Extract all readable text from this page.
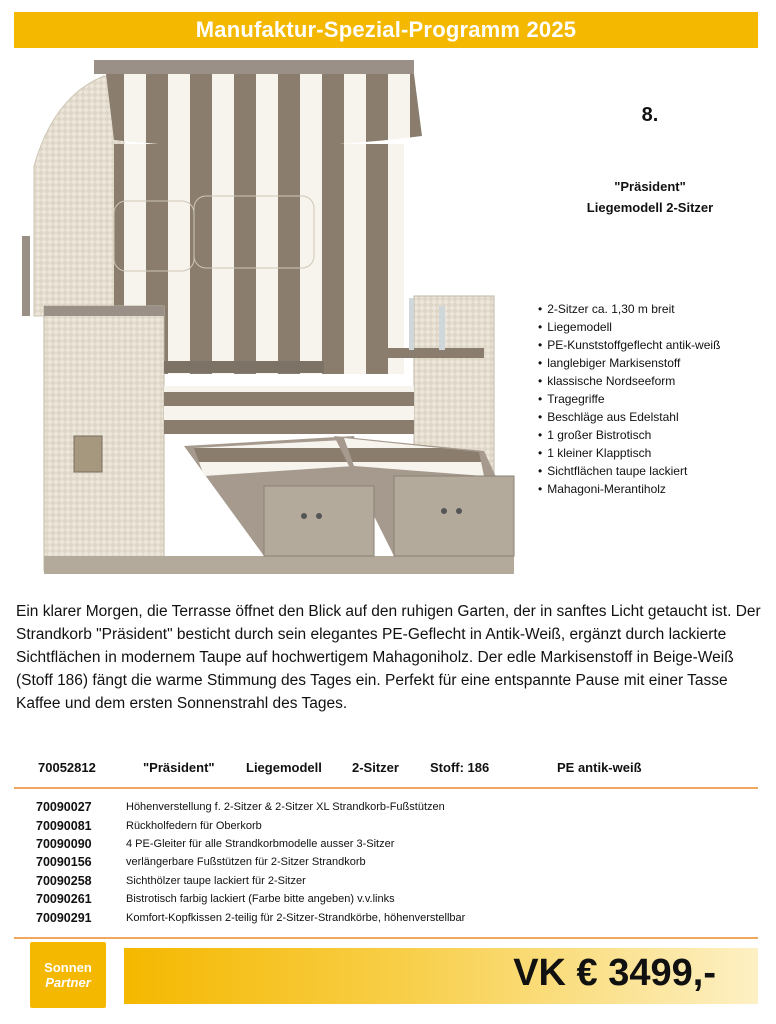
Manufaktur-Spezial-Programm 2025
8.
"Präsident"
Liegemodell 2-Sitzer
• 2-Sitzer ca. 1,30 m breit
• Liegemodell
• PE-Kunststoffgeflecht antik-weiß
• langlebiger Markisenstoff
• klassische Nordseeform
• Tragegriffe
• Beschläge aus Edelstahl
• 1 großer Bistrotisch
• 1 kleiner Klapptisch
• Sichtflächen taupe lackiert
• Mahagoni-Merantiholz
Ein klarer Morgen, die Terrasse öffnet den Blick auf den ruhigen Garten, der in sanftes Licht getaucht ist. Der Strandkorb "Präsident" besticht durch sein elegantes PE-Geflecht in Antik-Weiß, ergänzt durch lackierte Sichtflächen in modernem Taupe auf hochwertigem Mahagoniholz. Der edle Markisenstoff in Beige-Weiß (Stoff 186) fängt die warme Stimmung des Tages ein. Perfekt für eine entspannte Pause mit einer Tasse Kaffee und dem ersten Sonnenstrahl des Tages.
70052812	"Präsident" Liegemodell 2-Sitzer Stoff: 186	PE antik-weiß
70090027	Höhenverstellung f. 2-Sitzer & 2-Sitzer XL Strandkorb-Fußstützen
70090081	Rückholfedern für Oberkorb
70090090	4 PE-Gleiter für alle Strandkorbmodelle ausser 3-Sitzer
70090156	verlängerbare Fußstützen für 2-Sitzer Strandkorb
70090258	Sichthölzer taupe lackiert für 2-Sitzer
70090261	Bistrotisch farbig lackiert (Farbe bitte angeben) v.v.links
70090291	Komfort-Kopfkissen 2-teilig für 2-Sitzer-Strandkörbe, höhenverstellbar
Sonnen
Partner	VK € 3499,-
